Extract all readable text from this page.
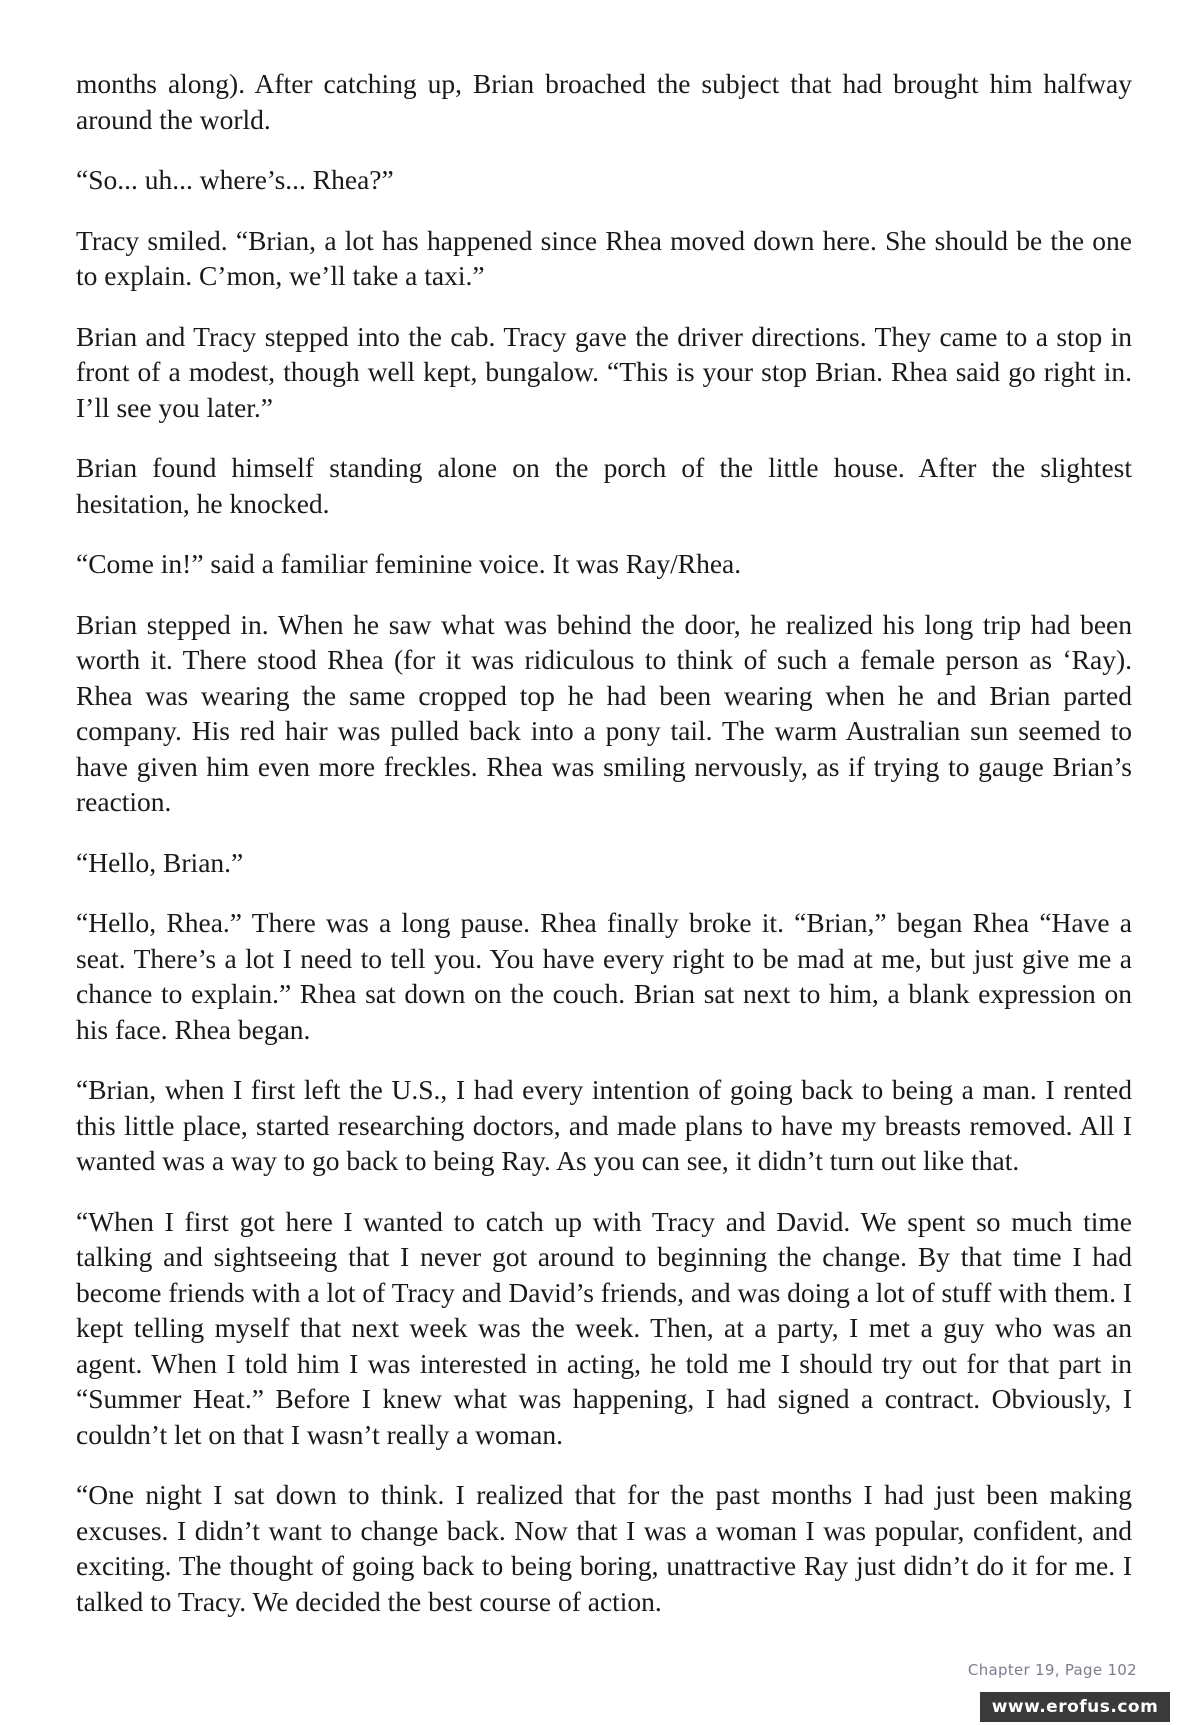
months along). After catching up, Brian broached the subject that had brought him halfway around the world.

“So... uh... where’s... Rhea?”

Tracy smiled. “Brian, a lot has happened since Rhea moved down here. She should be the one to explain. C’mon, we’ll take a taxi.”

Brian and Tracy stepped into the cab. Tracy gave the driver directions. They came to a stop in front of a modest, though well kept, bungalow. “This is your stop Brian. Rhea said go right in. I’ll see you later.”

Brian found himself standing alone on the porch of the little house. After the slightest hesitation, he knocked.

“Come in!” said a familiar feminine voice. It was Ray/Rhea.

Brian stepped in. When he saw what was behind the door, he realized his long trip had been worth it. There stood Rhea (for it was ridiculous to think of such a female person as ‘Ray). Rhea was wearing the same cropped top he had been wearing when he and Brian parted company. His red hair was pulled back into a pony tail. The warm Australian sun seemed to have given him even more freckles. Rhea was smiling nervously, as if trying to gauge Brian’s reaction.

“Hello, Brian.”

“Hello, Rhea.” There was a long pause. Rhea finally broke it. “Brian,” began Rhea “Have a seat. There’s a lot I need to tell you. You have every right to be mad at me, but just give me a chance to explain.” Rhea sat down on the couch. Brian sat next to him, a blank expression on his face. Rhea began.

“Brian, when I first left the U.S., I had every intention of going back to being a man. I rented this little place, started researching doctors, and made plans to have my breasts removed. All I wanted was a way to go back to being Ray. As you can see, it didn’t turn out like that.

“When I first got here I wanted to catch up with Tracy and David. We spent so much time talking and sightseeing that I never got around to beginning the change. By that time I had become friends with a lot of Tracy and David’s friends, and was doing a lot of stuff with them. I kept telling myself that next week was the week. Then, at a party, I met a guy who was an agent. When I told him I was interested in acting, he told me I should try out for that part in “Summer Heat.” Before I knew what was happening, I had signed a contract. Obviously, I couldn’t let on that I wasn’t really a woman.

“One night I sat down to think. I realized that for the past months I had just been making excuses. I didn’t want to change back. Now that I was a woman I was popular, confident, and exciting. The thought of going back to being boring, unattractive Ray just didn’t do it for me. I talked to Tracy. We decided the best course of action.

Chapter 19, Page 102
www.erofus.com
